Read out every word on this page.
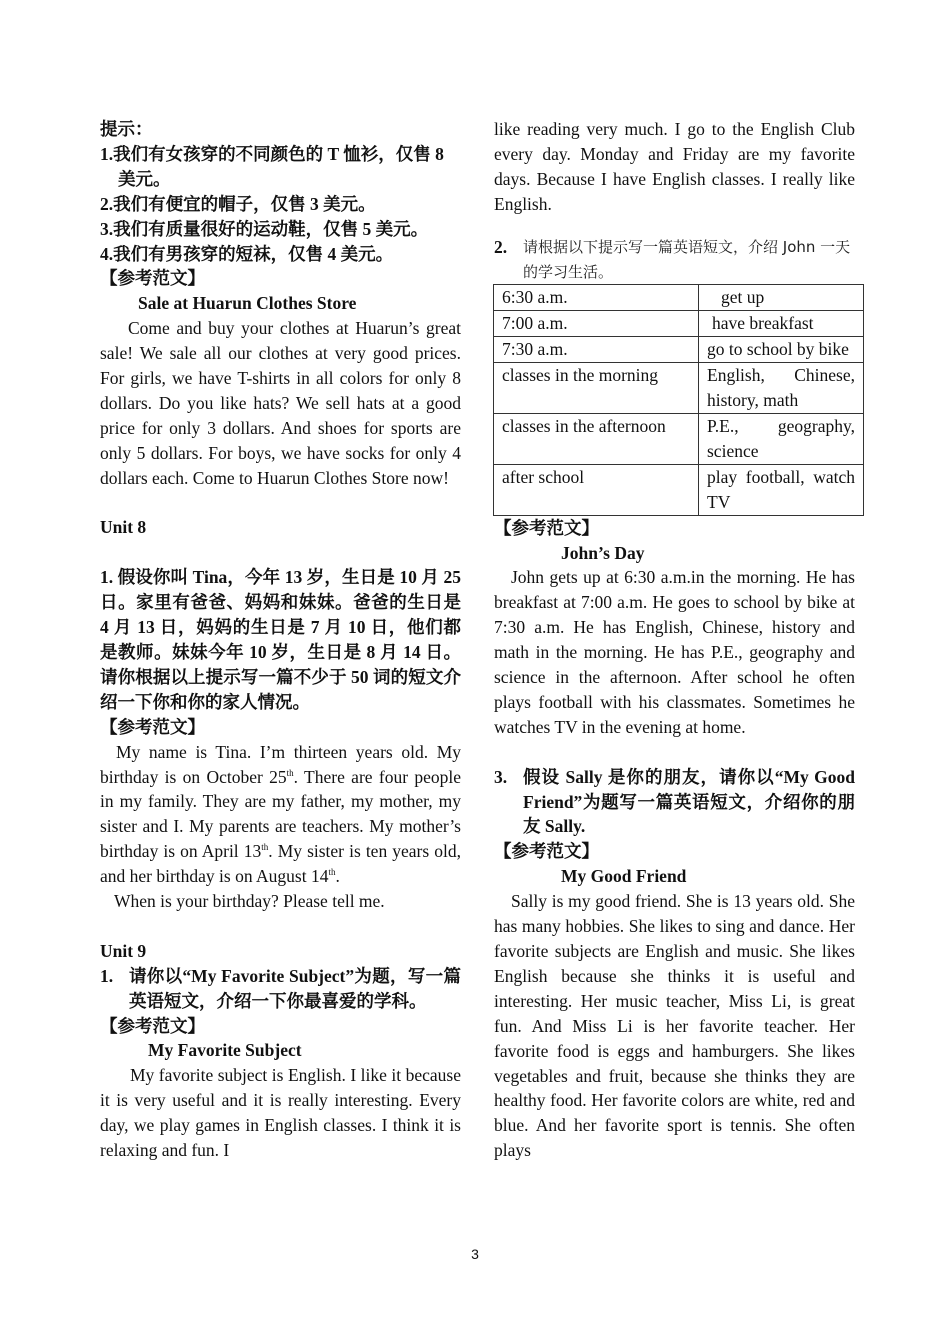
提示：
1.我们有女孩穿的不同颜色的 T 恤衫，仅售 8 美元。
2.我们有便宜的帽子，仅售 3 美元。
3.我们有质量很好的运动鞋，仅售 5 美元。
4.我们有男孩穿的短袜，仅售 4 美元。
【参考范文】
Sale at Huarun Clothes Store
Come and buy your clothes at Huarun’s great sale! We sale all our clothes at very good prices. For girls, we have T-shirts in all colors for only 8 dollars. Do you like hats? We sell hats at a good price for only 3 dollars. And shoes for sports are only 5 dollars. For boys, we have socks for only 4 dollars each. Come to Huarun Clothes Store now!
Unit 8
1. 假设你叫 Tina，今年 13 岁，生日是 10 月 25 日。家里有爸爸、妈妈和妹妹。爸爸的生日是 4 月 13 日，妈妈的生日是 7 月 10 日，他们都是教师。妹妹今年 10 岁，生日是 8 月 14 日。请你根据以上提示写一篇不少于 50 词的短文介绍一下你和你的家人情况。
【参考范文】
My name is Tina. I’m thirteen years old. My birthday is on October 25th. There are four people in my family. They are my father, my mother, my sister and I. My parents are teachers. My mother’s birthday is on April 13th. My sister is ten years old, and her birthday is on August 14th.
When is your birthday? Please tell me.
Unit 9
1. 请你以“My Favorite Subject”为题，写一篇英语短文，介绍一下你最喜爱的学科。
【参考范文】
My Favorite Subject
My favorite subject is English. I like it because it is very useful and it is really interesting. Every day, we play games in English classes. I think it is relaxing and fun. I
like reading very much. I go to the English Club every day. Monday and Friday are my favorite days. Because I have English classes. I really like English.
2.	请根据以下提示写一篇英语短文，介绍 John 一天的学习生活。
6:30 a.m.	get up
7:00 a.m.	have breakfast
7:30 a.m.	go to school by bike
classes in the morning	English, Chinese, history, math
classes in the afternoon	P.E., geography, science
after school	play football, watch TV
【参考范文】
John’s Day
John gets up at 6:30 a.m.in the morning. He has breakfast at 7:00 a.m. He goes to school by bike at 7:30 a.m. He has English, Chinese, history and math in the morning. He has P.E., geography and science in the afternoon. After school he often plays football with his classmates. Sometimes he watches TV in the evening at home.
3. 假设 Sally 是你的朋友，请你以“My Good Friend”为题写一篇英语短文，介绍你的朋友 Sally.
【参考范文】
My Good Friend
Sally is my good friend. She is 13 years old. She has many hobbies. She likes to sing and dance. Her favorite subjects are English and music. She likes English because she thinks it is useful and interesting. Her music teacher, Miss Li, is great fun. And Miss Li is her favorite teacher. Her favorite food is eggs and hamburgers. She likes vegetables and fruit, because she thinks they are healthy food. Her favorite colors are white, red and blue. And her favorite sport is tennis. She often plays
3
